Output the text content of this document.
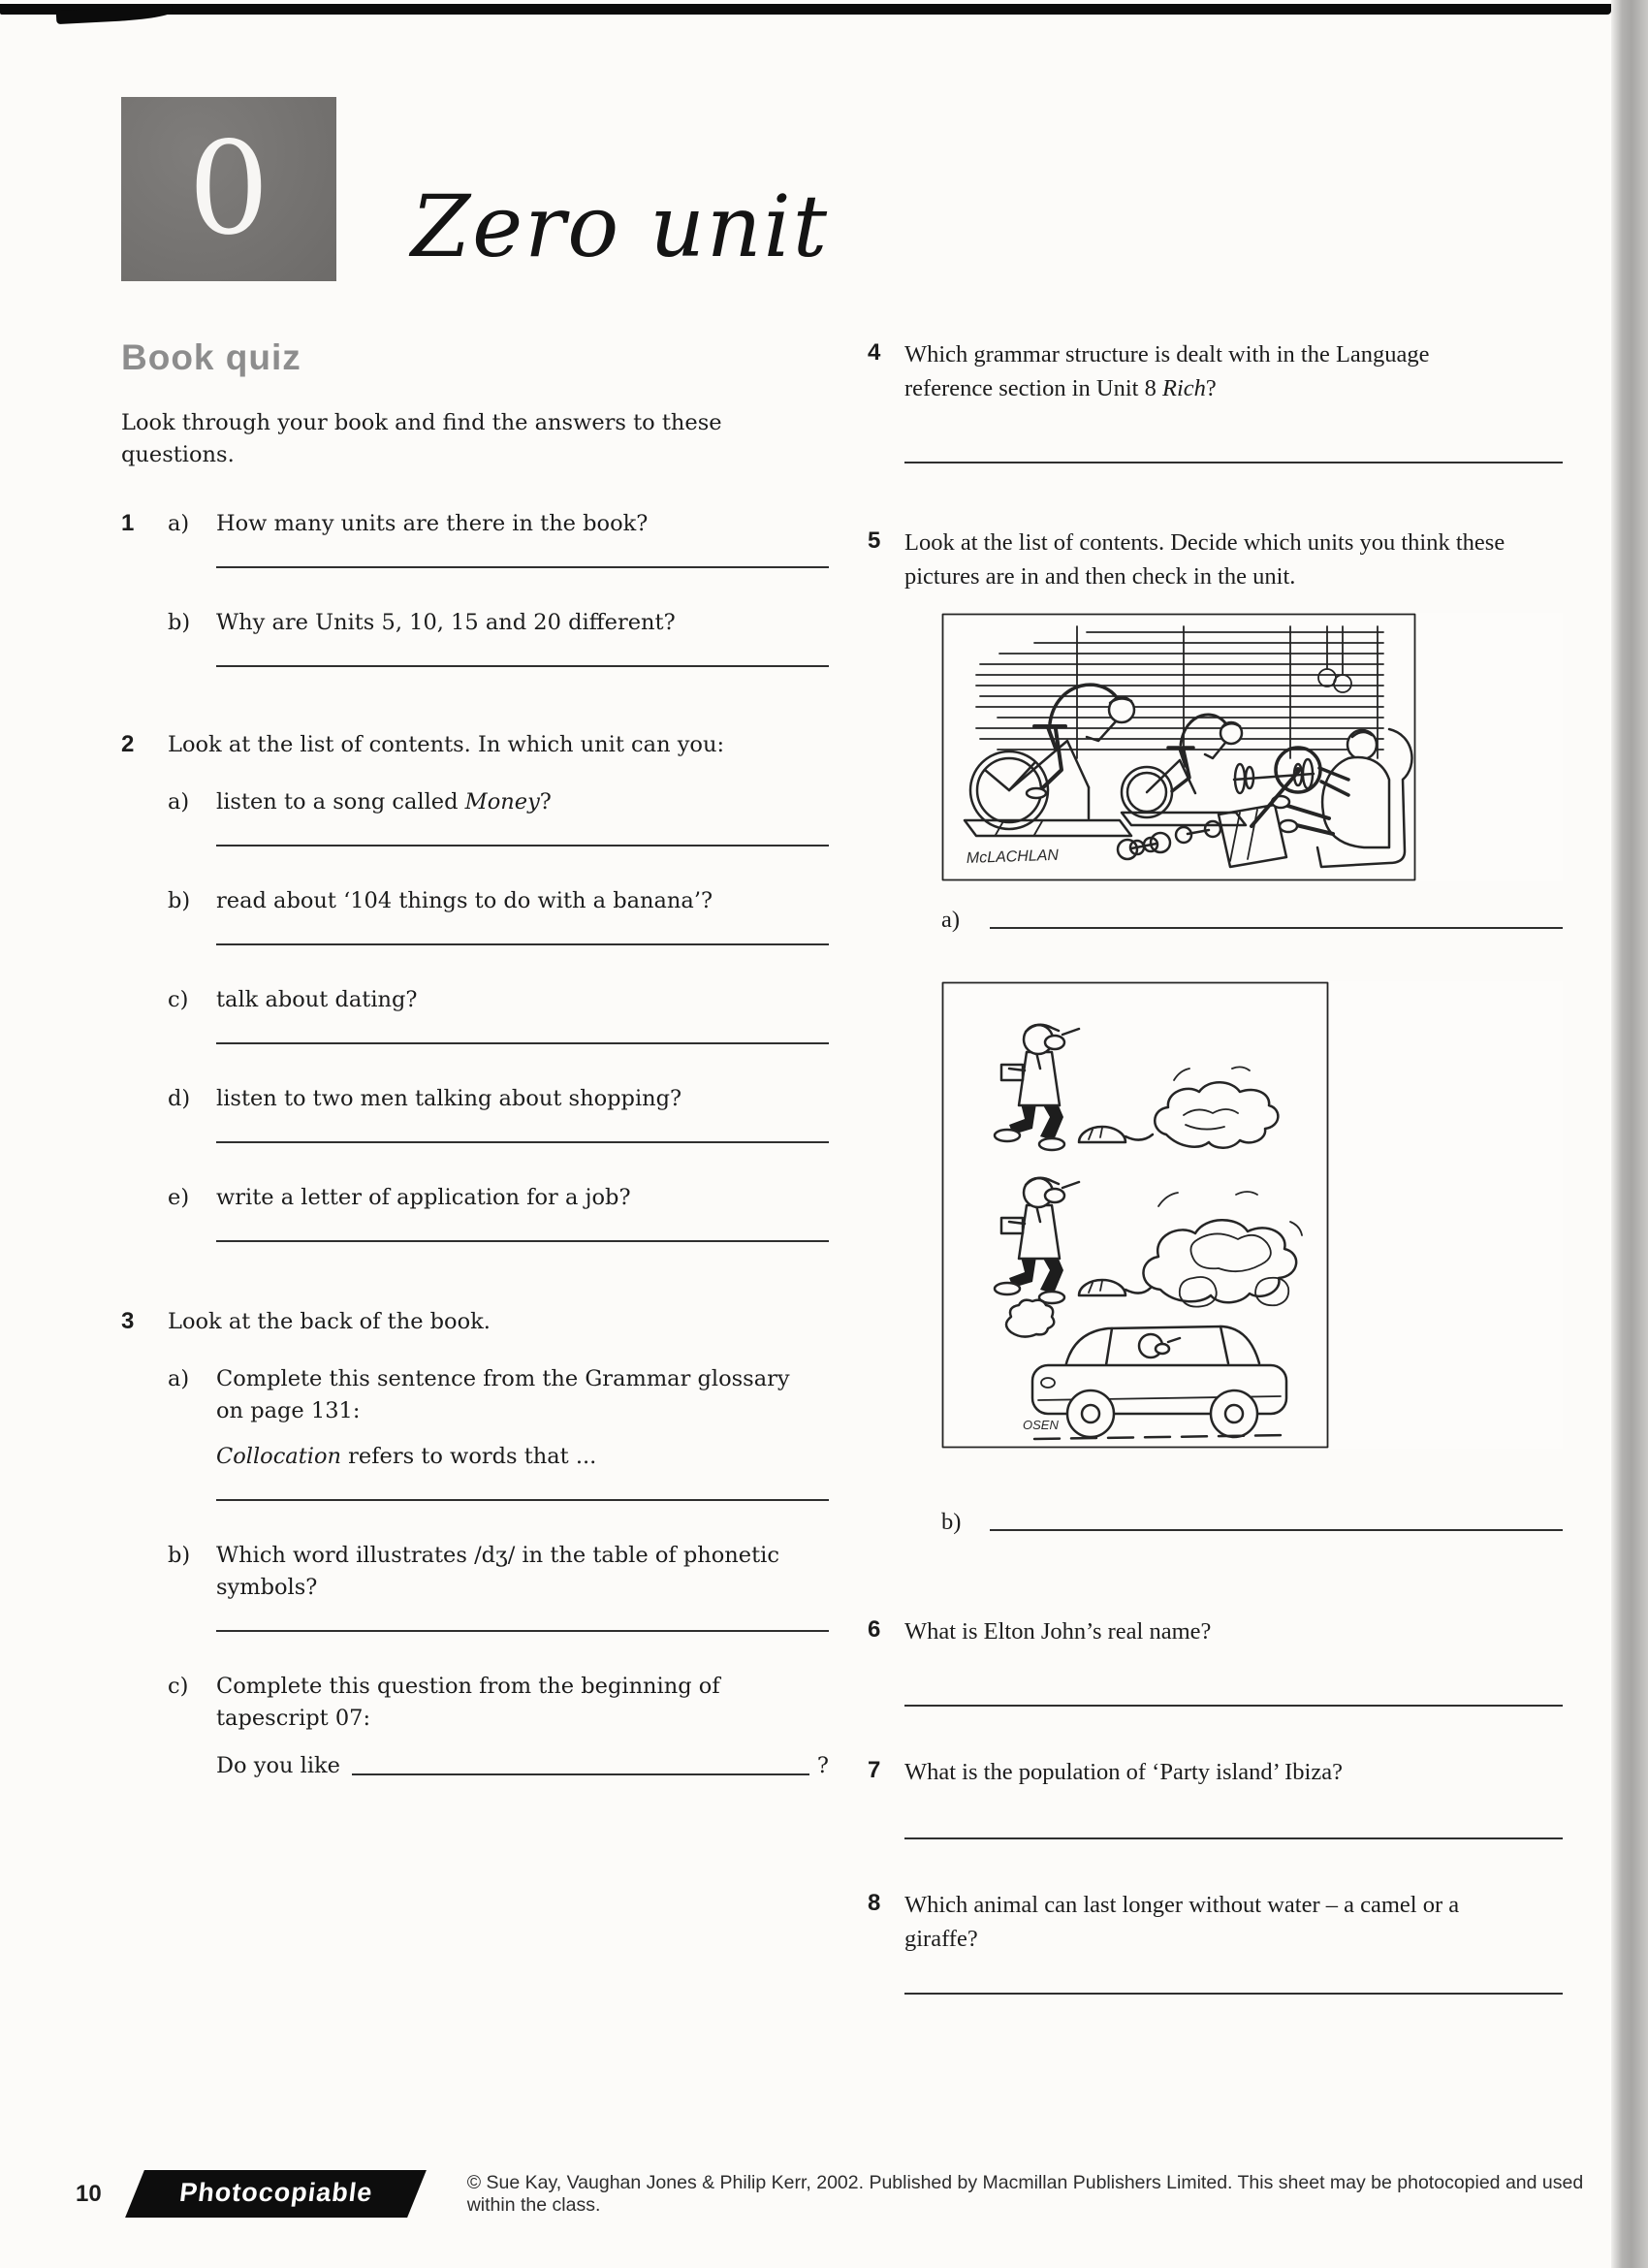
0 Zero unit
Book quiz

Look through your book and find the answers to these questions.

1	a)	How many units are there in the book?
b)	Why are Units 5, 10, 15 and 20 different?
2	Look at the list of contents. In which unit can you:
a)	listen to a song called Money?
b)	read about ‘104 things to do with a banana’?
c)	talk about dating?
d)	listen to two men talking about shopping?
e)	write a letter of application for a job?
3	Look at the back of the book.
a)	Complete this sentence from the Grammar glossary on page 131:
Collocation refers to words that ...
b)	Which word illustrates /dʒ/ in the table of phonetic symbols?
c)	Complete this question from the beginning of tapescript 07:
Do you like	?
4	Which grammar structure is dealt with in the Language reference section in Unit 8 Rich?
5	Look at the list of contents. Decide which units you think these pictures are in and then check in the unit.
McLACHLAN
a)
OSEN
b)
6	What is Elton John’s real name?
7	What is the population of ‘Party island’ Ibiza?
8	Which animal can last longer without water – a camel or a giraffe?
10	Photocopiable	© Sue Kay, Vaughan Jones & Philip Kerr, 2002. Published by Macmillan Publishers Limited. This sheet may be photocopied and used within the class.
